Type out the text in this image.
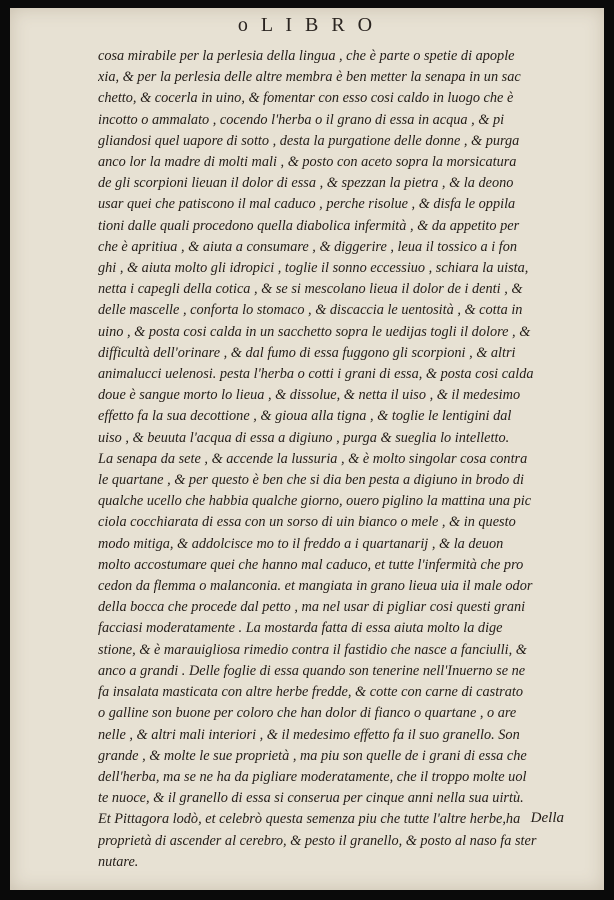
o L I B R O
cosa mirabile per la perlesia della lingua , che è parte o spetie di apople
xia, & per la perlesia delle altre membra è ben metter la senapa in un sac
chetto, & cocerla in uino, & fomentar con esso cosi caldo in luogo che è
incotto o ammalato , cocendo l'herba o il grano di essa in acqua , & pi
gliandosi quel uapore di sotto , desta la purgatione delle donne , & purga
anco lor la madre di molti mali , & posto con aceto sopra la morsicatura
de gli scorpioni lieuan il dolor di essa , & spezzan la pietra , & la deono
usar quei che patiscono il mal caduco , perche risolue , & disfa le oppila
tioni dalle quali procedono quella diabolica infermità , & da appetito per
che è apritiua , & aiuta a consumare , & diggerire , leua il tossico a i fon
ghi , & aiuta molto gli idropici , toglie il sonno eccessiuo , schiara la uista,
netta i capegli della cotica , & se si mescolano lieua il dolor de i denti , &
delle mascelle , conforta lo stomaco , & discaccia le uentosità , & cotta in
uino , & posta cosi calda in un sacchetto sopra le uedijas togli il dolore , &
difficultà dell'orinare , & dal fumo di essa fuggono gli scorpioni , & altri
animalucci uelenosi. pesta l'herba o cotti i grani di essa, & posta cosi calda
doue è sangue morto lo lieua , & dissolue, & netta il uiso , & il medesimo
effetto fa la sua decottione , & gioua alla tigna , & toglie le lentigini dal
uiso , & beuuta l'acqua di essa a digiuno , purga & sueglia lo intelletto.
La senapa da sete , & accende la lussuria , & è molto singolar cosa contra
le quartane , & per questo è ben che si dia ben pesta a digiuno in brodo di
qualche ucello che habbia qualche giorno, ouero piglino la mattina una pic
ciola cocchiarata di essa con un sorso di uin bianco o mele , & in questo
modo mitiga, & addolcisce mo to il freddo a i quartanarij , & la deuon
molto accostumare quei che hanno mal caduco, et tutte l'infermità che pro
cedon da flemma o malanconia. et mangiata in grano lieua uia il male odor
della bocca che procede dal petto , ma nel usar di pigliar cosi questi grani
facciasi moderatamente . La mostarda fatta di essa aiuta molto la dige
stione, & è marauigliosa rimedio contra il fastidio che nasce a fanciulli, &
anco a grandi . Delle foglie di essa quando son tenerine nell'Inuerno se ne
fa insalata masticata con altre herbe fredde, & cotte con carne di castrato
o galline son buone per coloro che han dolor di fianco o quartane , o are
nelle , & altri mali interiori , & il medesimo effetto fa il suo granello. Son
grande , & molte le sue proprietà , ma piu son quelle de i grani di essa che
dell'herba, ma se ne ha da pigliare moderatamente, che il troppo molte uol
te nuoce, & il granello di essa si conserua per cinque anni nella sua uirtù.
Et Pittagora lodò, et celebrò questa semenza piu che tutte l'altre herbe,ha
proprietà di ascender al cerebro, & pesto il granello, & posto al naso fa ster
nutare.
Della
